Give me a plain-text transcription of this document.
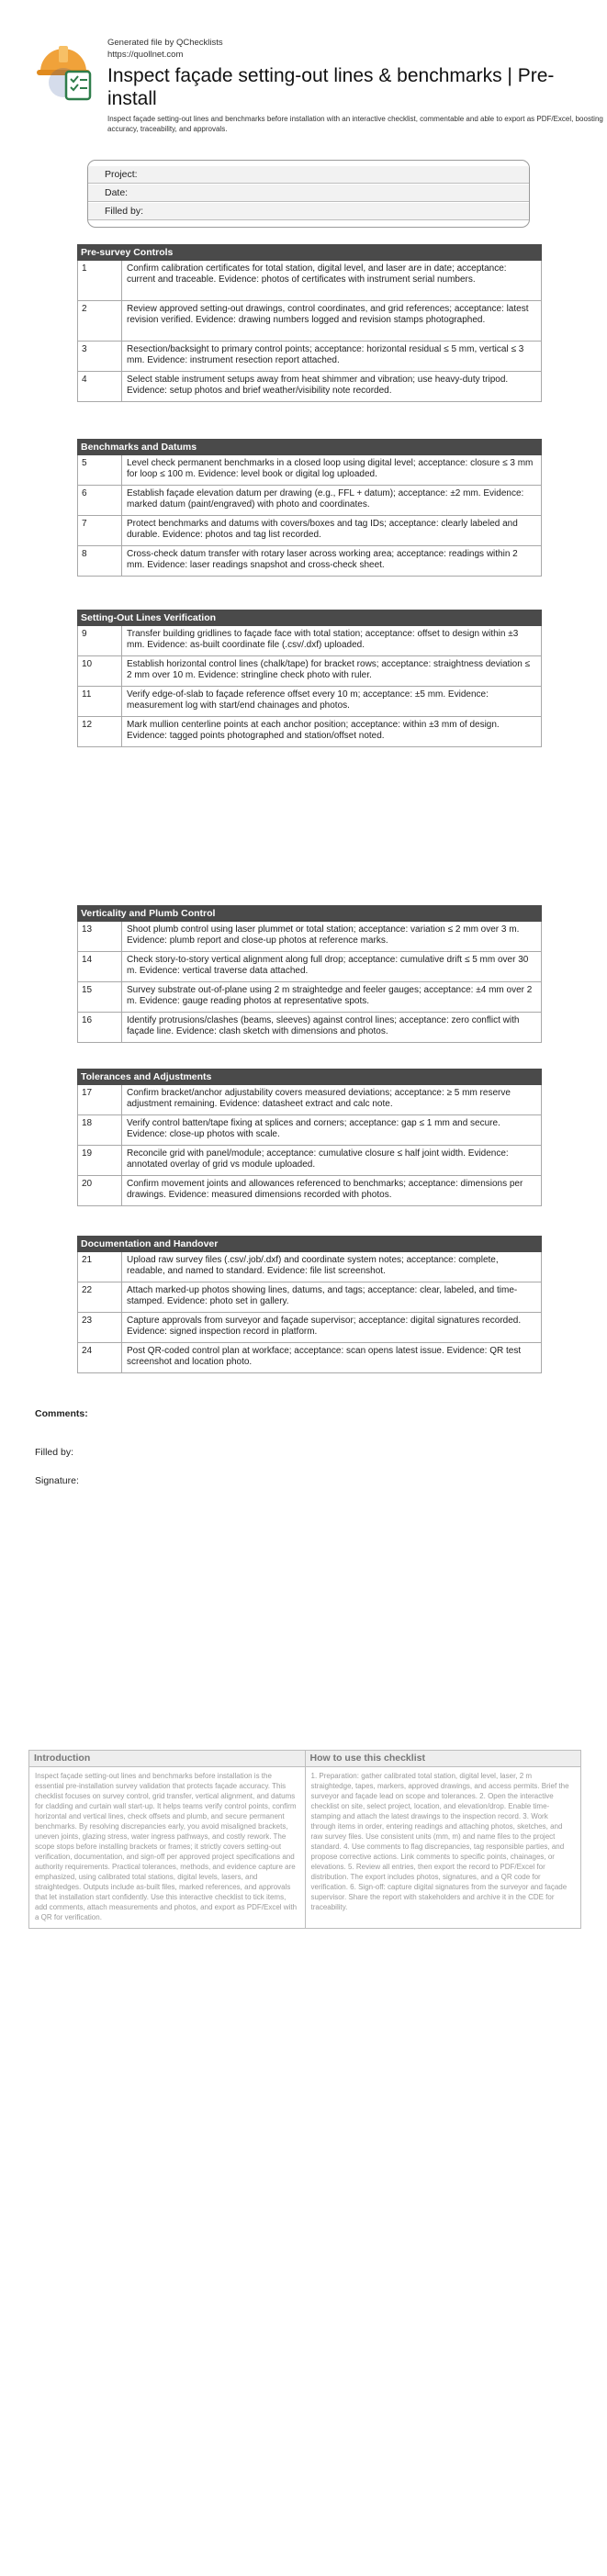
Generated file by QChecklists
https://quollnet.com
Inspect façade setting-out lines & benchmarks | Pre-install
Inspect façade setting-out lines and benchmarks before installation with an interactive checklist, commentable and able to export as PDF/Excel, boosting accuracy, traceability, and approvals.
Project:
Date:
Filled by:
Pre-survey Controls
1	Confirm calibration certificates for total station, digital level, and laser are in date; acceptance: current and traceable. Evidence: photos of certificates with instrument serial numbers.
2	Review approved setting-out drawings, control coordinates, and grid references; acceptance: latest revision verified. Evidence: drawing numbers logged and revision stamps photographed.
3	Resection/backsight to primary control points; acceptance: horizontal residual ≤ 5 mm, vertical ≤ 3 mm. Evidence: instrument resection report attached.
4	Select stable instrument setups away from heat shimmer and vibration; use heavy-duty tripod. Evidence: setup photos and brief weather/visibility note recorded.
Benchmarks and Datums
5	Level check permanent benchmarks in a closed loop using digital level; acceptance: closure ≤ 3 mm for loop ≤ 100 m. Evidence: level book or digital log uploaded.
6	Establish façade elevation datum per drawing (e.g., FFL + datum); acceptance: ±2 mm. Evidence: marked datum (paint/engraved) with photo and coordinates.
7	Protect benchmarks and datums with covers/boxes and tag IDs; acceptance: clearly labeled and durable. Evidence: photos and tag list recorded.
8	Cross-check datum transfer with rotary laser across working area; acceptance: readings within 2 mm. Evidence: laser readings snapshot and cross-check sheet.
Setting-Out Lines Verification
9	Transfer building gridlines to façade face with total station; acceptance: offset to design within ±3 mm. Evidence: as-built coordinate file (.csv/.dxf) uploaded.
10	Establish horizontal control lines (chalk/tape) for bracket rows; acceptance: straightness deviation ≤ 2 mm over 10 m. Evidence: stringline check photo with ruler.
11	Verify edge-of-slab to façade reference offset every 10 m; acceptance: ±5 mm. Evidence: measurement log with start/end chainages and photos.
12	Mark mullion centerline points at each anchor position; acceptance: within ±3 mm of design. Evidence: tagged points photographed and station/offset noted.
Verticality and Plumb Control
13	Shoot plumb control using laser plummet or total station; acceptance: variation ≤ 2 mm over 3 m. Evidence: plumb report and close-up photos at reference marks.
14	Check story-to-story vertical alignment along full drop; acceptance: cumulative drift ≤ 5 mm over 30 m. Evidence: vertical traverse data attached.
15	Survey substrate out-of-plane using 2 m straightedge and feeler gauges; acceptance: ±4 mm over 2 m. Evidence: gauge reading photos at representative spots.
16	Identify protrusions/clashes (beams, sleeves) against control lines; acceptance: zero conflict with façade line. Evidence: clash sketch with dimensions and photos.
Tolerances and Adjustments
17	Confirm bracket/anchor adjustability covers measured deviations; acceptance: ≥ 5 mm reserve adjustment remaining. Evidence: datasheet extract and calc note.
18	Verify control batten/tape fixing at splices and corners; acceptance: gap ≤ 1 mm and secure. Evidence: close-up photos with scale.
19	Reconcile grid with panel/module; acceptance: cumulative closure ≤ half joint width. Evidence: annotated overlay of grid vs module uploaded.
20	Confirm movement joints and allowances referenced to benchmarks; acceptance: dimensions per drawings. Evidence: measured dimensions recorded with photos.
Documentation and Handover
21	Upload raw survey files (.csv/.job/.dxf) and coordinate system notes; acceptance: complete, readable, and named to standard. Evidence: file list screenshot.
22	Attach marked-up photos showing lines, datums, and tags; acceptance: clear, labeled, and time-stamped. Evidence: photo set in gallery.
23	Capture approvals from surveyor and façade supervisor; acceptance: digital signatures recorded. Evidence: signed inspection record in platform.
24	Post QR-coded control plan at workface; acceptance: scan opens latest issue. Evidence: QR test screenshot and location photo.
Comments:
Filled by:
Signature:
Introduction
Inspect façade setting-out lines and benchmarks before installation is the essential pre-installation survey validation that protects façade accuracy. This checklist focuses on survey control, grid transfer, vertical alignment, and datums for cladding and curtain wall start-up. It helps teams verify control points, confirm horizontal and vertical lines, check offsets and plumb, and secure permanent benchmarks. By resolving discrepancies early, you avoid misaligned brackets, uneven joints, glazing stress, water ingress pathways, and costly rework. The scope stops before installing brackets or frames; it strictly covers setting-out verification, documentation, and sign-off per approved project specifications and authority requirements. Practical tolerances, methods, and evidence capture are emphasized, using calibrated total stations, digital levels, lasers, and straightedges. Outputs include as-built files, marked references, and approvals that let installation start confidently. Use this interactive checklist to tick items, add comments, attach measurements and photos, and export as PDF/Excel with a QR for verification.
How to use this checklist
1. Preparation: gather calibrated total station, digital level, laser, 2 m straightedge, tapes, markers, approved drawings, and access permits. Brief the surveyor and façade lead on scope and tolerances. 2. Open the interactive checklist on site, select project, location, and elevation/drop. Enable time-stamping and attach the latest drawings to the inspection record. 3. Work through items in order, entering readings and attaching photos, sketches, and raw survey files. Use consistent units (mm, m) and name files to the project standard. 4. Use comments to flag discrepancies, tag responsible parties, and propose corrective actions. Link comments to specific points, chainages, or elevations. 5. Review all entries, then export the record to PDF/Excel for distribution. The export includes photos, signatures, and a QR code for verification. 6. Sign-off: capture digital signatures from the surveyor and façade supervisor. Share the report with stakeholders and archive it in the CDE for traceability.
